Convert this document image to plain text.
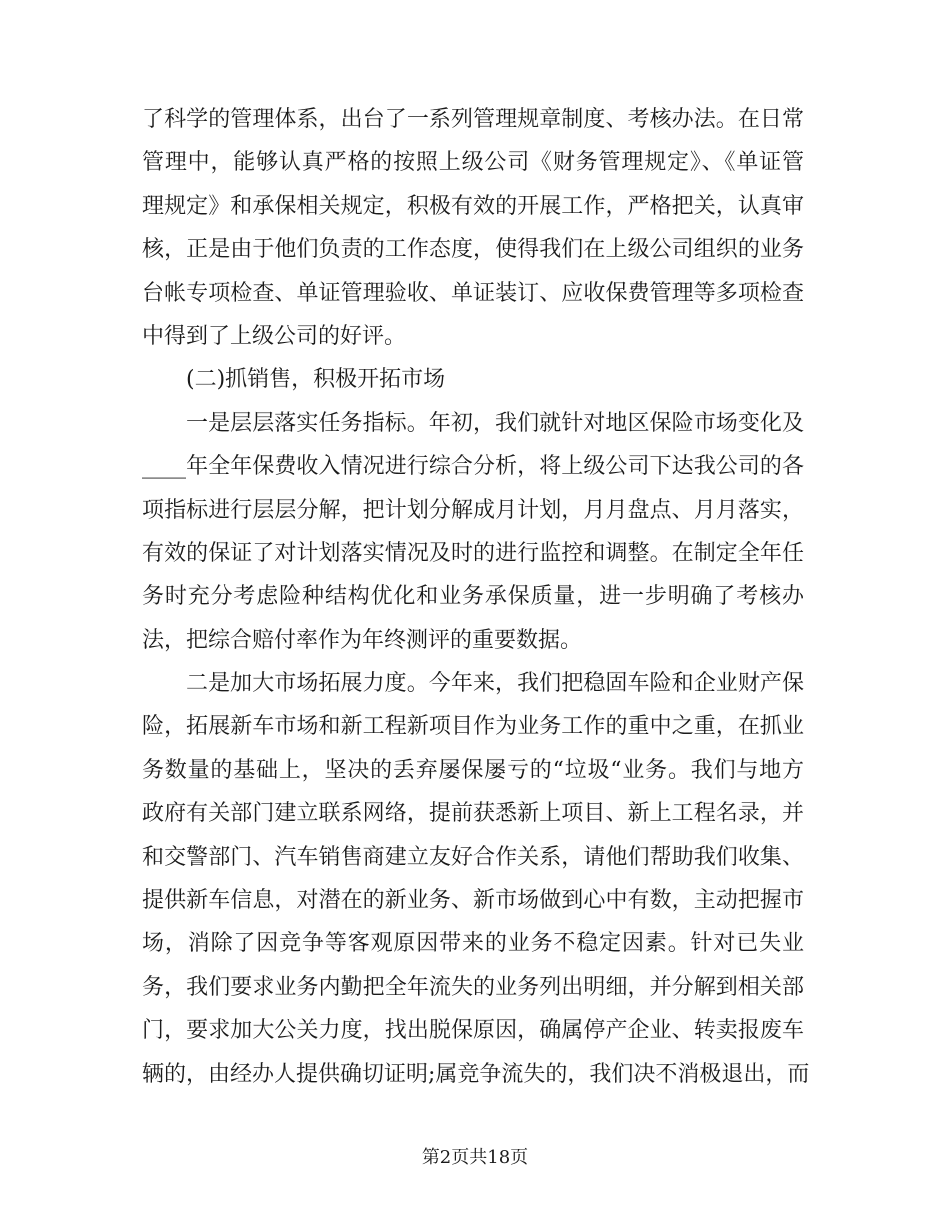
了科学的管理体系，出台了一系列管理规章制度、考核办法。在日常
管理中，能够认真严格的按照上级公司《财务管理规定》、《单证管
理规定》和承保相关规定，积极有效的开展工作，严格把关，认真审
核，正是由于他们负责的工作态度，使得我们在上级公司组织的业务
台帐专项检查、单证管理验收、单证装订、应收保费管理等多项检查
中得到了上级公司的好评。
(二)抓销售，积极开拓市场
一是层层落实任务指标。年初，我们就针对地区保险市场变化及
____年全年保费收入情况进行综合分析，将上级公司下达我公司的各
项指标进行层层分解，把计划分解成月计划，月月盘点、月月落实，
有效的保证了对计划落实情况及时的进行监控和调整。在制定全年任
务时充分考虑险种结构优化和业务承保质量，进一步明确了考核办
法，把综合赔付率作为年终测评的重要数据。
二是加大市场拓展力度。今年来，我们把稳固车险和企业财产保
险，拓展新车市场和新工程新项目作为业务工作的重中之重，在抓业
务数量的基础上，坚决的丢弃屡保屡亏的“垃圾“业务。我们与地方
政府有关部门建立联系网络，提前获悉新上项目、新上工程名录，并
和交警部门、汽车销售商建立友好合作关系，请他们帮助我们收集、
提供新车信息，对潜在的新业务、新市场做到心中有数，主动把握市
场，消除了因竞争等客观原因带来的业务不稳定因素。针对已失业
务，我们要求业务内勤把全年流失的业务列出明细，并分解到相关部
门，要求加大公关力度，找出脱保原因，确属停产企业、转卖报废车
辆的，由经办人提供确切证明;属竞争流失的，我们决不消极退出，而
第2页共18页
